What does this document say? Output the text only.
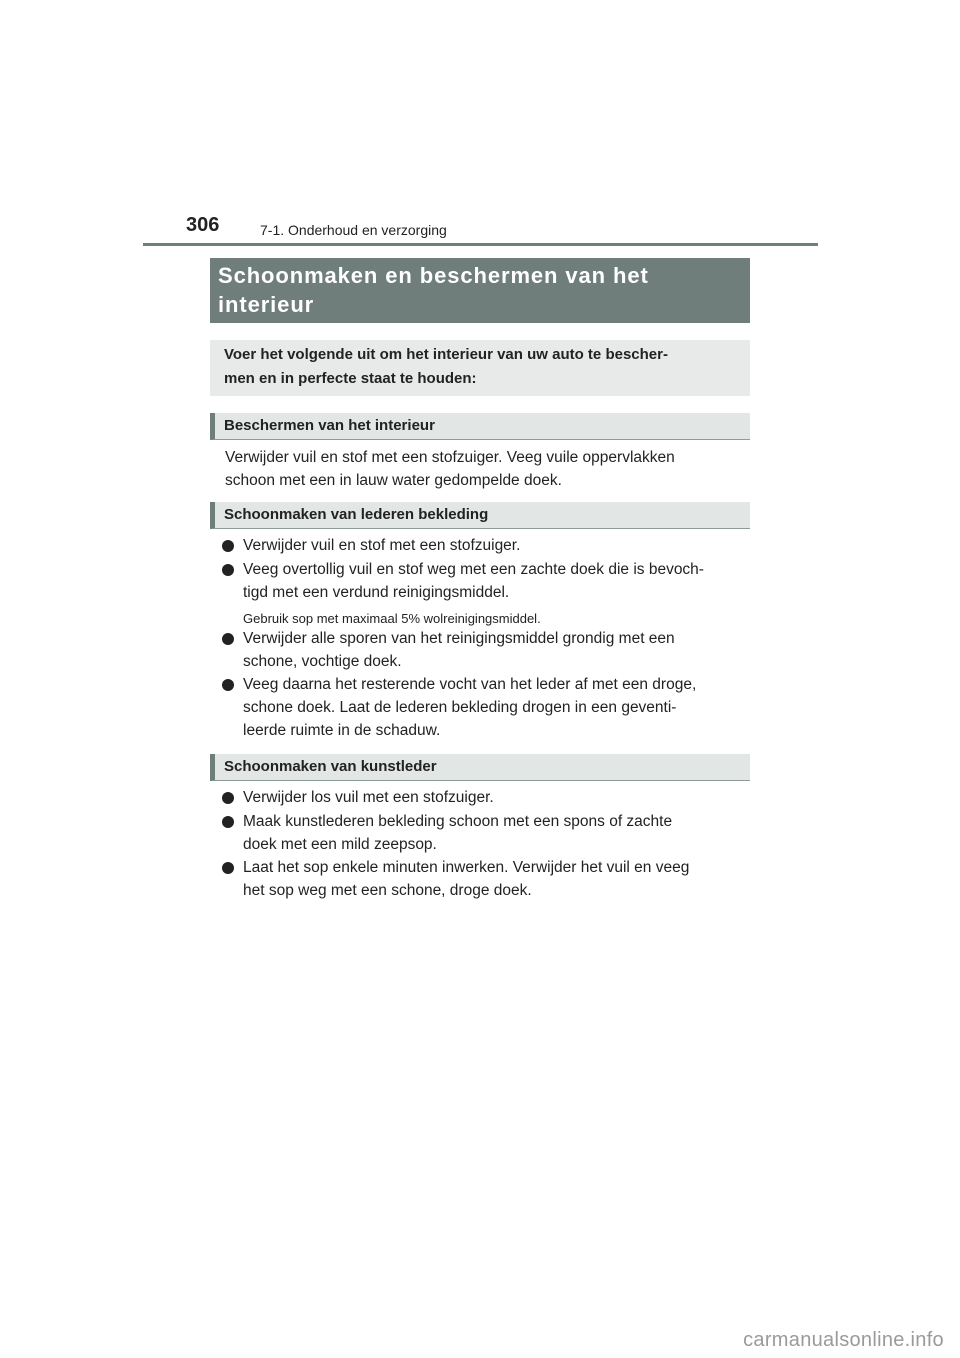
306	7-1. Onderhoud en verzorging
Schoonmaken en beschermen van het
interieur

Voer het volgende uit om het interieur van uw auto te bescher-
men en in perfecte staat te houden:

Beschermen van het interieur

Verwijder vuil en stof met een stofzuiger. Veeg vuile oppervlakken
schoon met een in lauw water gedompelde doek.

Schoonmaken van lederen bekleding

Verwijder vuil en stof met een stofzuiger.

Veeg overtollig vuil en stof weg met een zachte doek die is bevoch-
tigd met een verdund reinigingsmiddel.

Gebruik sop met maximaal 5% wolreinigingsmiddel.

Verwijder alle sporen van het reinigingsmiddel grondig met een
schone, vochtige doek.

Veeg daarna het resterende vocht van het leder af met een droge,
schone doek. Laat de lederen bekleding drogen in een geventi-
leerde ruimte in de schaduw.

Schoonmaken van kunstleder

Verwijder los vuil met een stofzuiger.

Maak kunstlederen bekleding schoon met een spons of zachte
doek met een mild zeepsop.

Laat het sop enkele minuten inwerken. Verwijder het vuil en veeg
het sop weg met een schone, droge doek.

carmanualsonline.info
